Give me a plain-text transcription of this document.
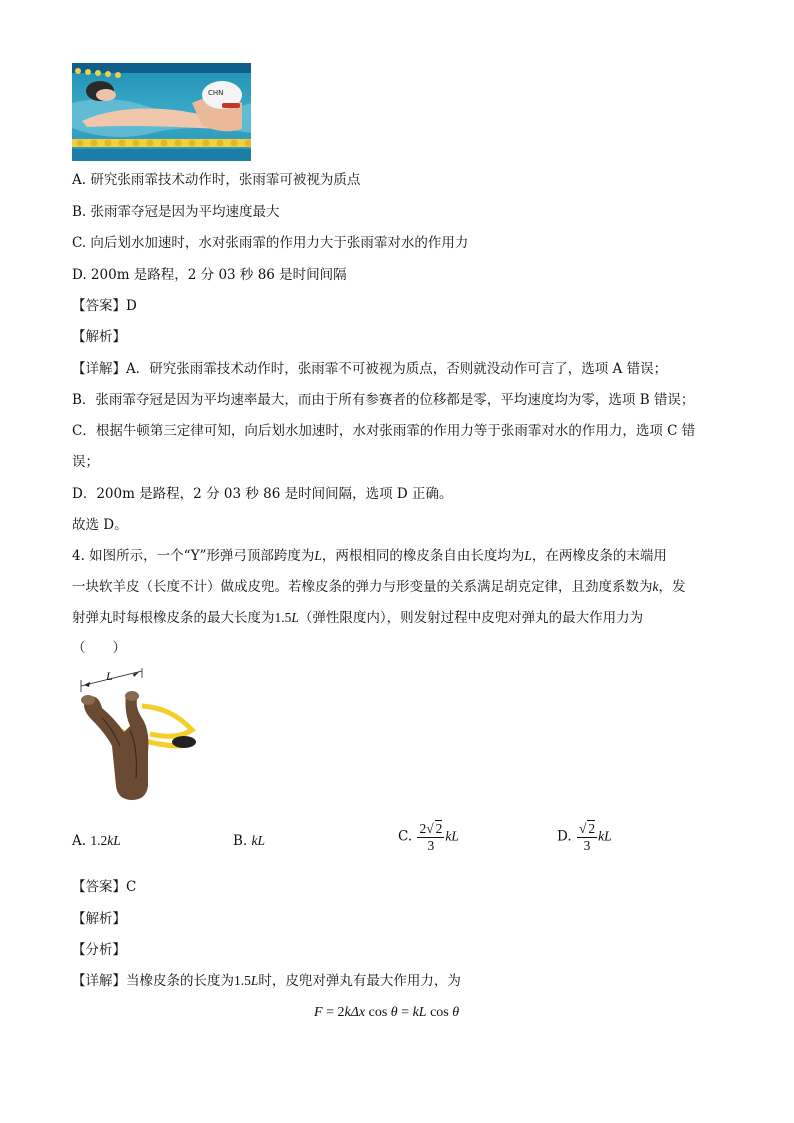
CHN
A. 研究张雨霏技术动作时，张雨霏可被视为质点
B. 张雨霏夺冠是因为平均速度最大
C. 向后划水加速时，水对张雨霏的作用力大于张雨霏对水的作用力
D. 200m 是路程，2 分 03 秒 86 是时间间隔
【答案】D
【解析】
【详解】A．研究张雨霏技术动作时，张雨霏不可被视为质点，否则就没动作可言了，选项 A 错误；
B．张雨霏夺冠是因为平均速率最大，而由于所有参赛者的位移都是零，平均速度均为零，选项 B 错误；
C．根据牛顿第三定律可知，向后划水加速时，水对张雨霏的作用力等于张雨霏对水的作用力，选项 C 错
误；
D．200m 是路程，2 分 03 秒 86 是时间间隔，选项 D 正确。
故选 D。
4. 如图所示，一个“Y”形弹弓顶部跨度为L，两根相同的橡皮条自由长度均为L，在两橡皮条的末端用
一块软羊皮（长度不计）做成皮兜。若橡皮条的弹力与形变量的关系满足胡克定律，且劲度系数为k，发
射弹丸时每根橡皮条的最大长度为1.5L（弹性限度内），则发射过程中皮兜对弹丸的最大作用力为
（　　）
L
A. 1.2kL	B. kL	C. $\frac{2√ 2}{3}$ kL	D. $\frac{√ 2}{3}$ kL
【答案】C
【解析】
【分析】
【详解】当橡皮条的长度为1.5L时，皮兜对弹丸有最大作用力，为
F = 2kΔx cos θ = kL cos θ
